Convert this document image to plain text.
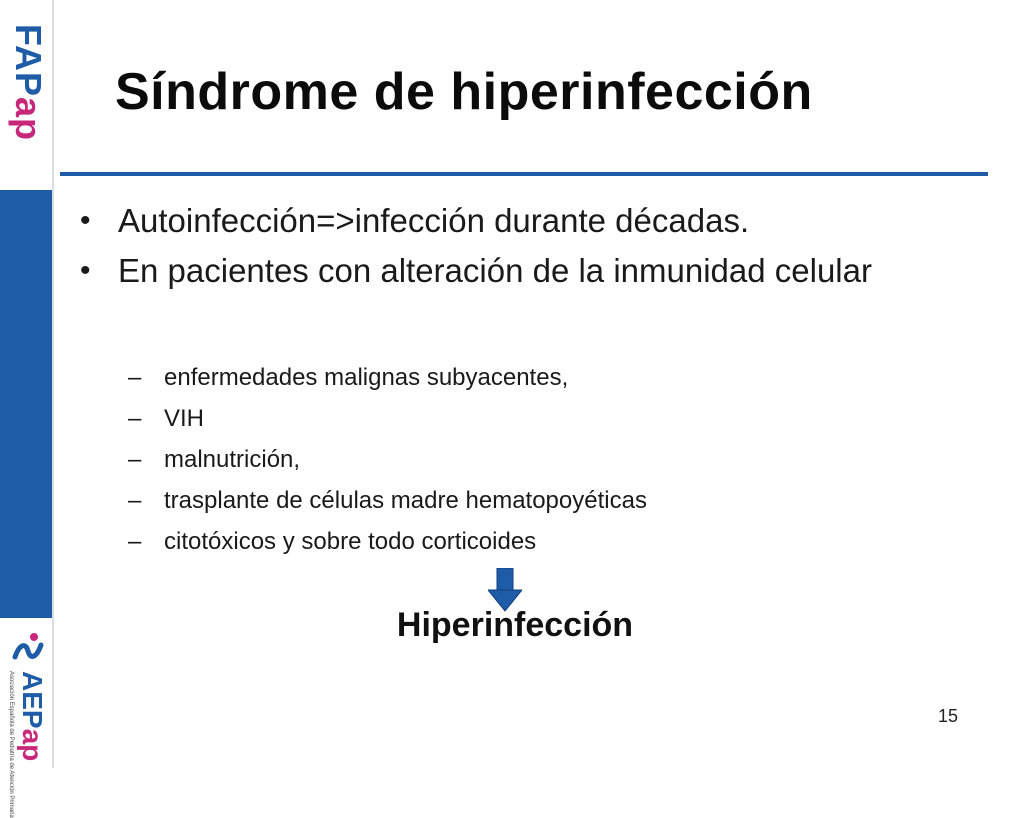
FAPap
Asociación Española de Pediatría de Atención Primaria AEPap
Síndrome de hiperinfección
• Autoinfección=>infección durante décadas.
• En pacientes con alteración de la inmunidad celular
– enfermedades malignas subyacentes,
– VIH
– malnutrición,
– trasplante de células madre hematopoyéticas
– citotóxicos y sobre todo corticoides
Hiperinfección
15
